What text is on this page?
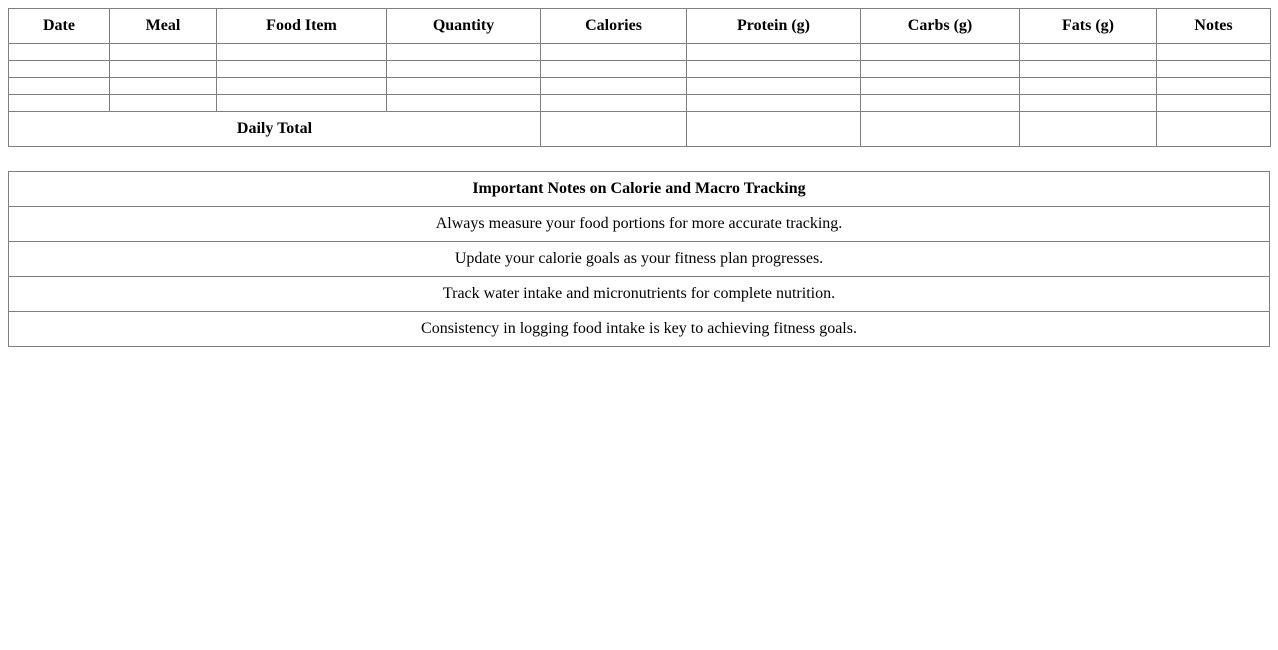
Date	Meal	Food Item	Quantity	Calories	Protein (g)	Carbs (g)	Fats (g)	Notes

Daily Total								
Important Notes on Calorie and Macro Tracking
Always measure your food portions for more accurate tracking.
Update your calorie goals as your fitness plan progresses.
Track water intake and micronutrients for complete nutrition.
Consistency in logging food intake is key to achieving fitness goals.
